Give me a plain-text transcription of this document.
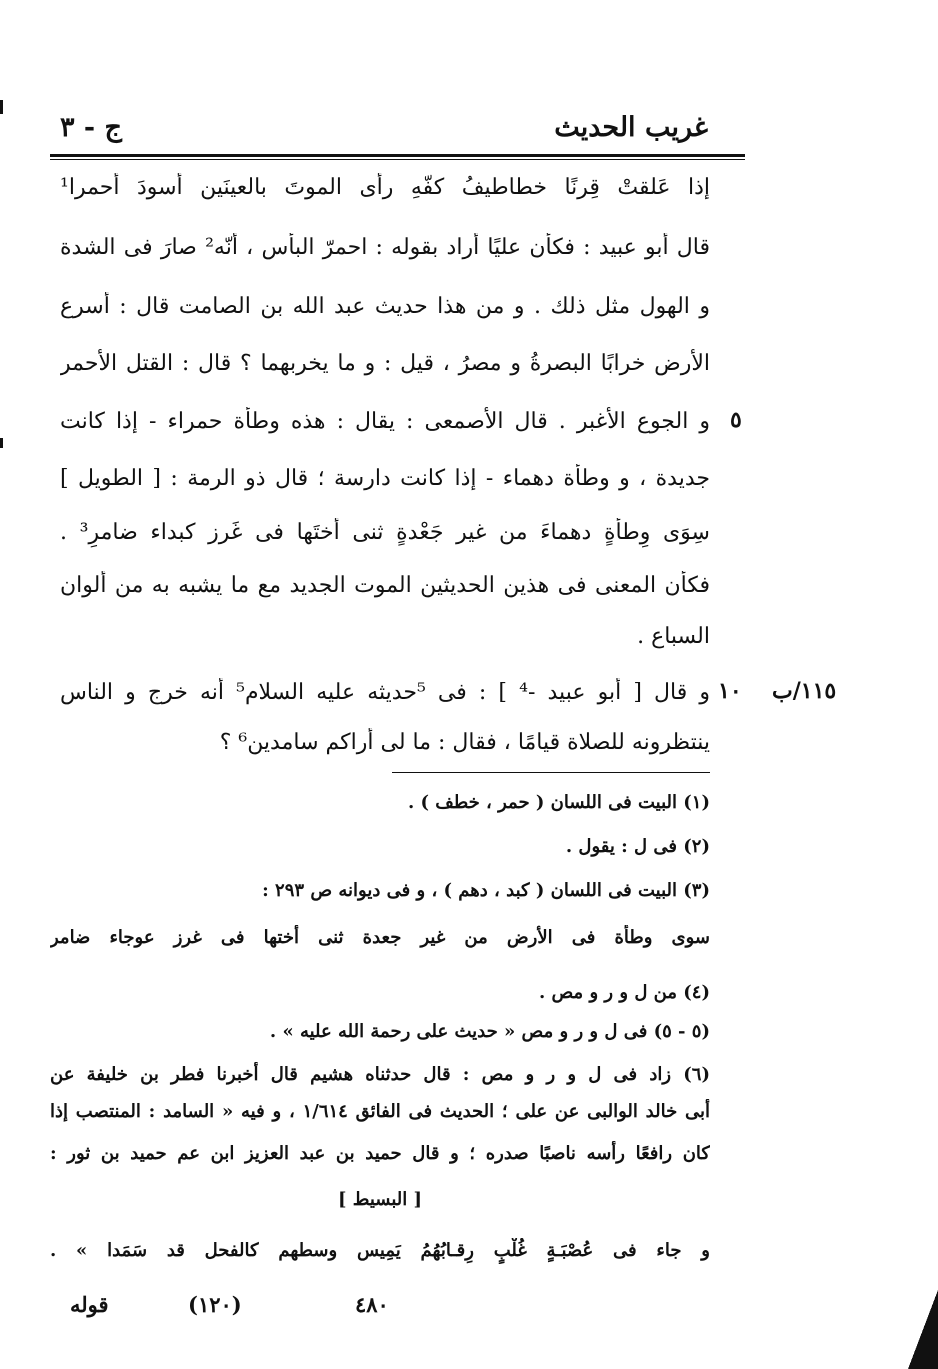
غريب الحديث
ج - ٣
إذا عَلقتْ قِرنًا خطاطيفُ كفّهِ رأى الموتَ بالعينَين أسودَ أحمرا¹
قال أبو عبيد : فكأن عليًا أراد بقوله : احمرّ البأس ، أنّه² صارَ فى الشدة
و الهول مثل ذلك . و من هذا حديث عبد الله بن الصامت قال : أسرع
الأرض خرابًا البصرةُ و مصرُ ، قيل : و ما يخربهما ؟ قال : القتل الأحمر
و الجوع الأغبر . قال الأصمعى : يقال : هذه وطأة حمراء - إذا كانت
جديدة ، و وطأة دهماء - إذا كانت دارسة ؛ قال ذو الرمة : [ الطويل ]
سِوَى وِطأةٍ دهماءَ من غير جَعْدةٍ ثنى أختَها فى غَرز كبداء ضامرِ³ .
فكأن المعنى فى هذين الحديثين الموت الجديد مع ما يشبه به من ألوان
السباع .
و قال [ أبو عبيد -⁴ ] : فى ⁵حديثه عليه السلام⁵ أنه خرج و الناس
ينتظرونه للصلاة قيامًا ، فقال : ما لى أراكم سامدين⁶ ؟
٥
١١٥/ب
١٠
(١) البيت فى اللسان ( حمر ، خطف ) .
(٢) فى ل : يقول .
(٣) البيت فى اللسان ( كبد ، دهم ) ، و فى ديوانه ص ٢٩٣ :
سوى وطأة فى الأرض من غير جعدة ثنى أختها فى غرز عوجاء ضامر
(٤) من ل و ر و مص .
(٥ - ٥) فى ل و ر و مص « حديث على رحمة الله عليه » .
(٦) زاد فى ل و ر و مص : قال حدثناه هشيم قال أخبرنا فطر بن خليفة عن
أبى خالد الوالبى عن على ؛ الحديث فى الفائق ١/٦١٤ ، و فيه « السامد : المنتصب إذا
كان رافعًا رأسه ناصبًا صدره ؛ و قال حميد بن عبد العزيز ابن عم حميد بن ثور :
[ البسيط ]
و جاء فى عُصْبَـةٍ غُلْبٍ رِقـابُهُمُ يَمِيس وسطهم كالفحل قد سَمَدا » .
قوله	(١٢٠)	٤٨٠
